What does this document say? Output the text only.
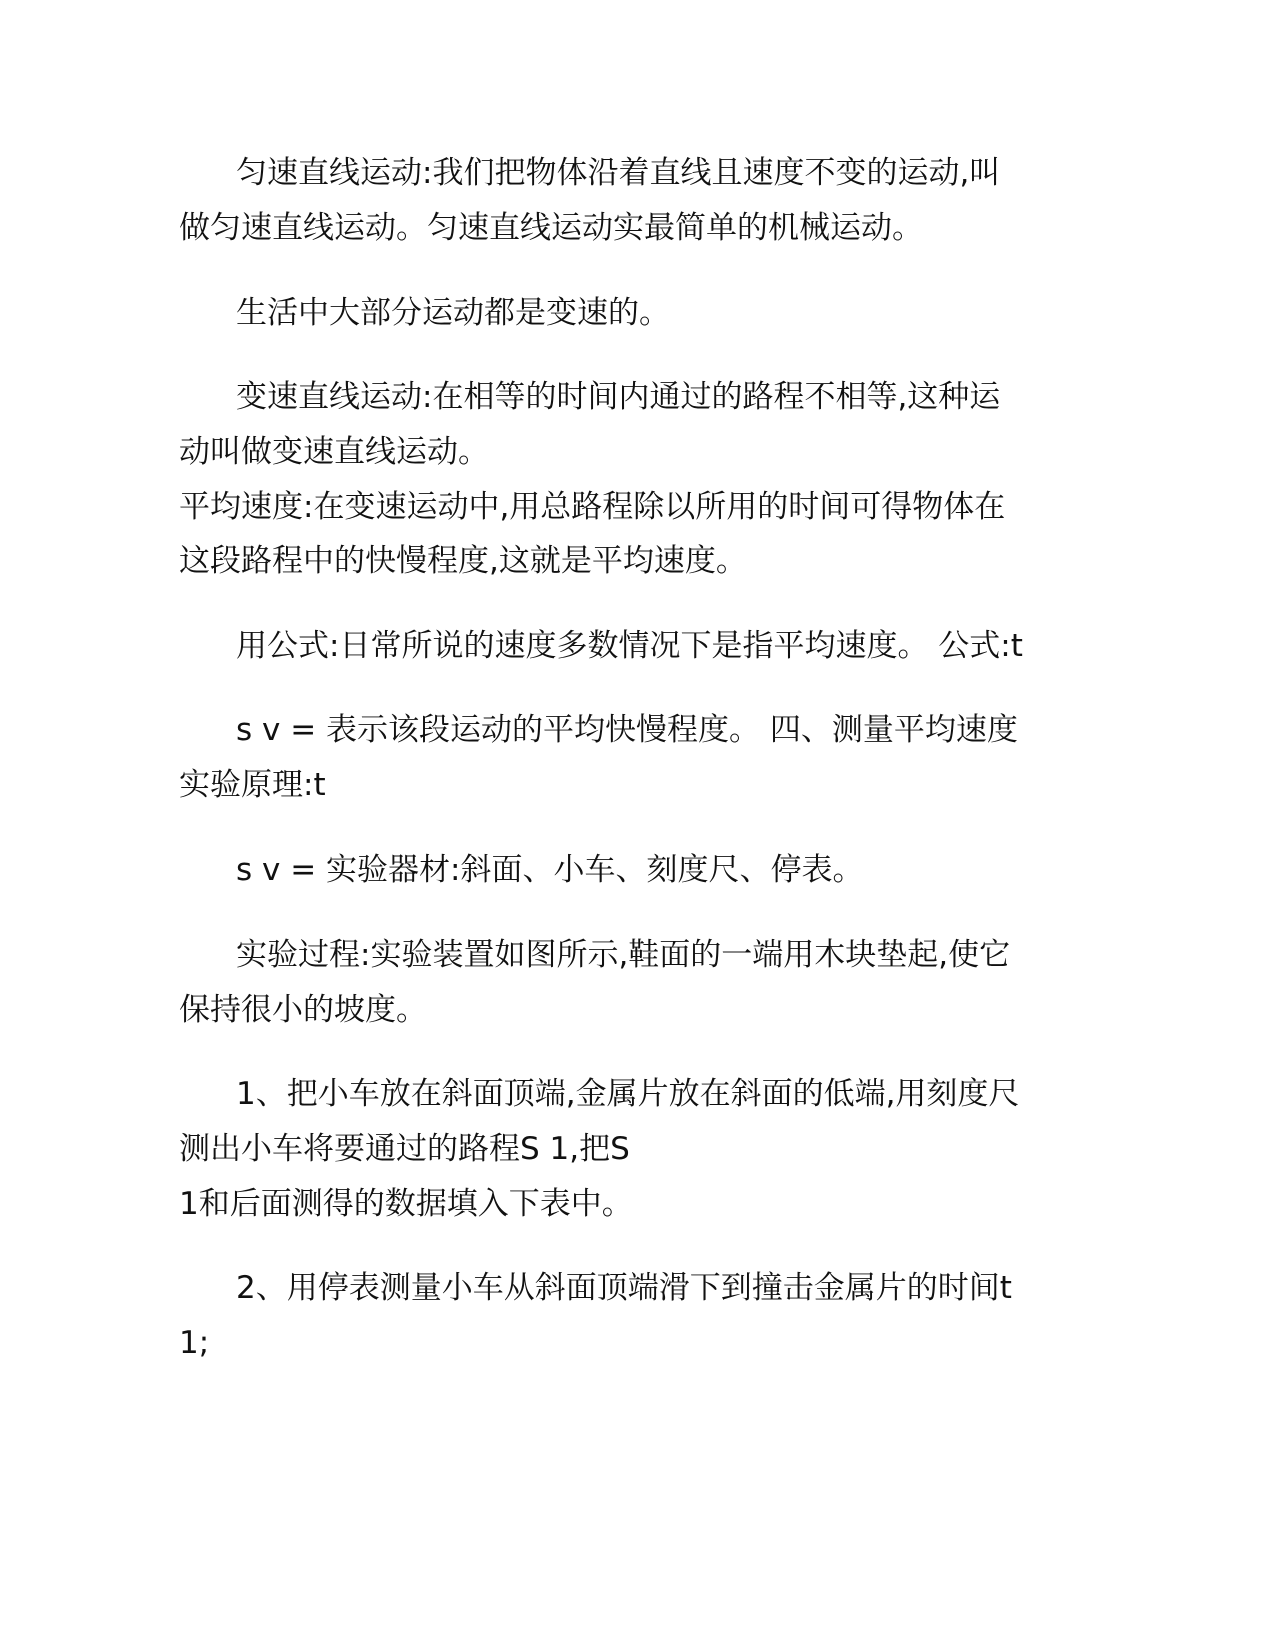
匀速直线运动:我们把物体沿着直线且速度不变的运动,叫
做匀速直线运动。匀速直线运动实最简单的机械运动。
生活中大部分运动都是变速的。
变速直线运动:在相等的时间内通过的路程不相等,这种运
动叫做变速直线运动。
平均速度:在变速运动中,用总路程除以所用的时间可得物体在
这段路程中的快慢程度,这就是平均速度。
用公式:日常所说的速度多数情况下是指平均速度。 公式:t
s v = 表示该段运动的平均快慢程度。 四、测量平均速度
实验原理:t
s v = 实验器材:斜面、小车、刻度尺、停表。
实验过程:实验装置如图所示,鞋面的一端用木块垫起,使它
保持很小的坡度。
1、把小车放在斜面顶端,金属片放在斜面的低端,用刻度尺
测出小车将要通过的路程S 1,把S
1和后面测得的数据填入下表中。
2、用停表测量小车从斜面顶端滑下到撞击金属片的时间t
1;
